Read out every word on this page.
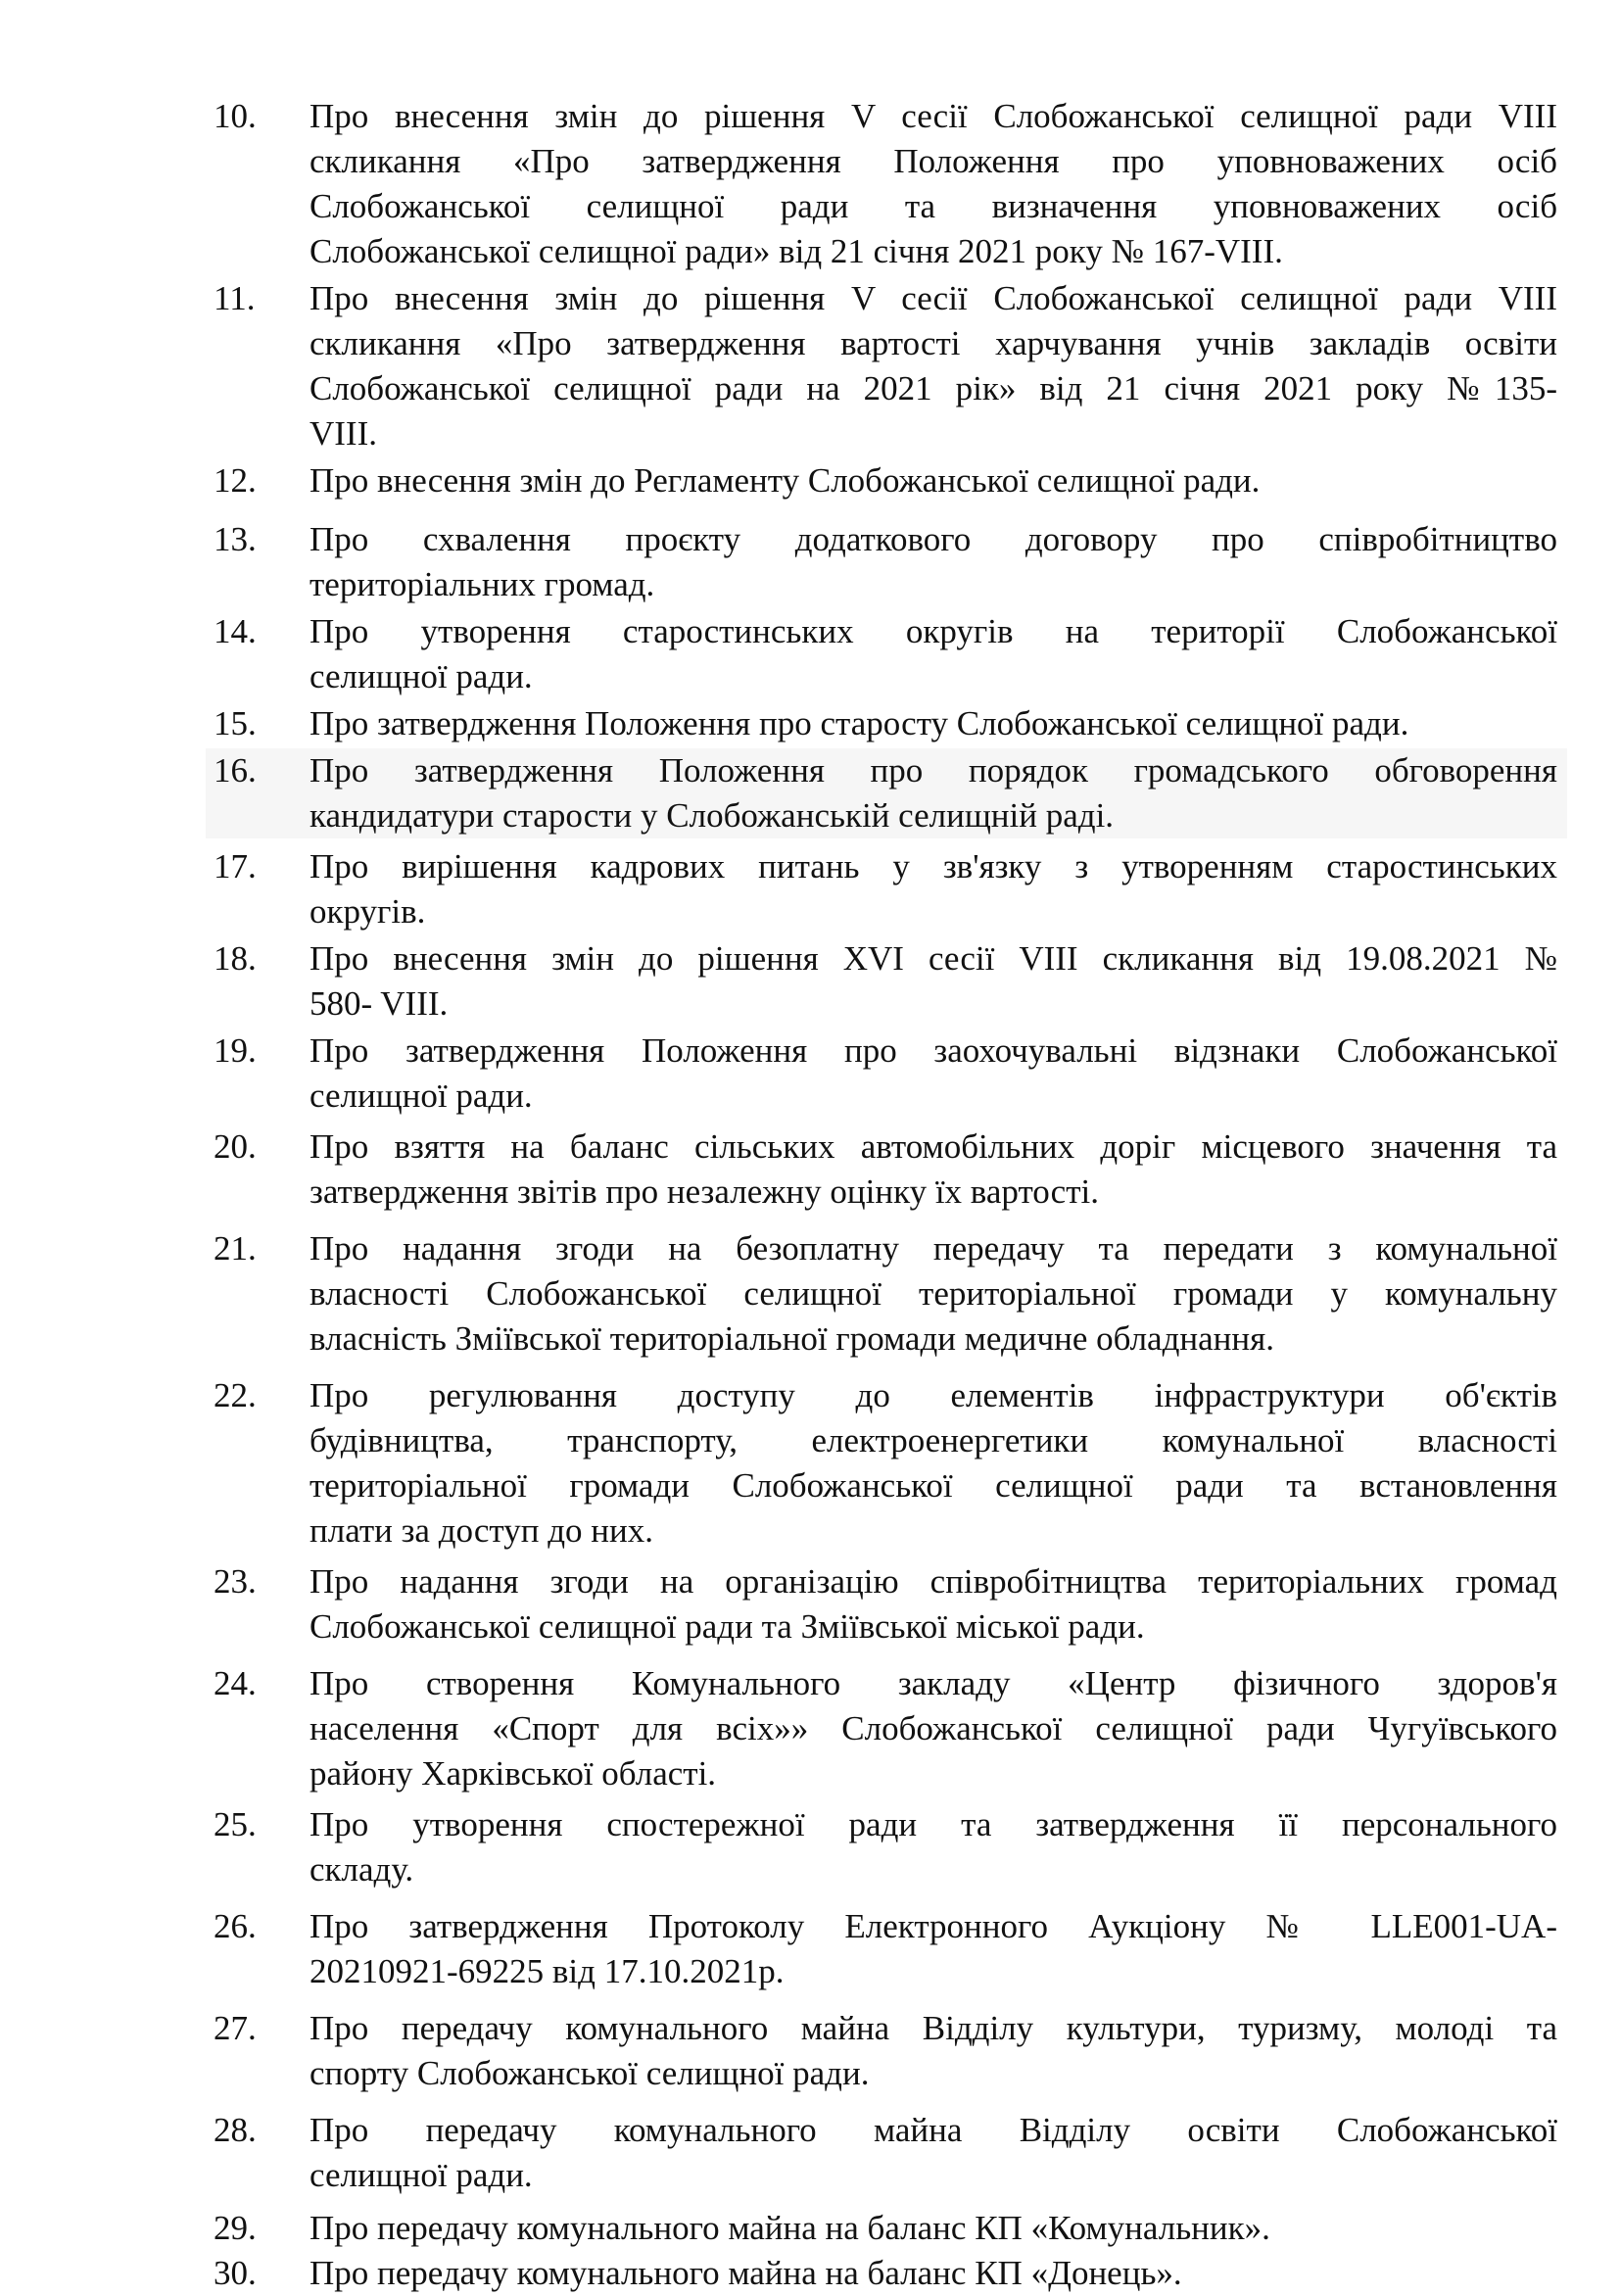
10.	Про внесення змін до рішення V сесії Слобожанської селищної ради VIII
скликання «Про затвердження Положення про уповноважених осіб
Слобожанської селищної ради та визначення уповноважених осіб
Слобожанської селищної ради» від 21 січня 2021 року № 167-VIII.
11.	Про внесення змін до рішення V сесії Слобожанської селищної ради VIII
скликання «Про затвердження вартості харчування учнів закладів освіти
Слобожанської селищної ради на 2021 рік» від 21 січня 2021 року №135-
VIII.
12.	Про внесення змін до Регламенту Слобожанської селищної ради.
13.	Про схвалення проєкту додаткового договору про співробітництво
територіальних громад.
14.	Про утворення старостинських округів на території Слобожанської
селищної ради.
15.	Про затвердження Положення про старосту Слобожанської селищної ради.
16.	Про затвердження Положення про порядок громадського обговорення
кандидатури старости у Слобожанській селищній раді.
17.	Про вирішення кадрових питань у зв'язку з утворенням старостинських
округів.
18.	Про внесення змін до рішення XVI сесії VIII скликання від 19.08.2021 №
580- VIII.
19.	Про затвердження Положення про заохочувальні відзнаки Слобожанської
селищної ради.
20.	Про взяття на баланс сільських автомобільних доріг місцевого значення та
затвердження звітів про незалежну оцінку їх вартості.
21.	Про надання згоди на безоплатну передачу та передати з комунальної
власності Слобожанської селищної територіальної громади у комунальну
власність Зміївської територіальної громади медичне обладнання.
22.	Про регулювання доступу до елементів інфраструктури об'єктів
будівництва, транспорту, електроенергетики комунальної власності
територіальної громади Слобожанської селищної ради та встановлення
плати за доступ до них.
23.	Про надання згоди на організацію співробітництва територіальних громад
Слобожанської селищної ради та Зміївської міської ради.
24.	Про створення Комунального закладу «Центр фізичного здоров'я
населення «Спорт для всіх»» Слобожанської селищної ради Чугуївського
району Харківської області.
25.	Про утворення спостережної ради та затвердження її персонального
складу.
26.	Про затвердження Протоколу Електронного Аукціону № LLE001-UA-
20210921-69225 від 17.10.2021р.
27.	Про передачу комунального майна Відділу культури, туризму, молоді та
спорту Слобожанської селищної ради.
28.	Про передачу комунального майна Відділу освіти Слобожанської
селищної ради.
29.	Про передачу комунального майна на баланс КП «Комунальник».
30.	Про передачу комунального майна на баланс КП «Донець».
